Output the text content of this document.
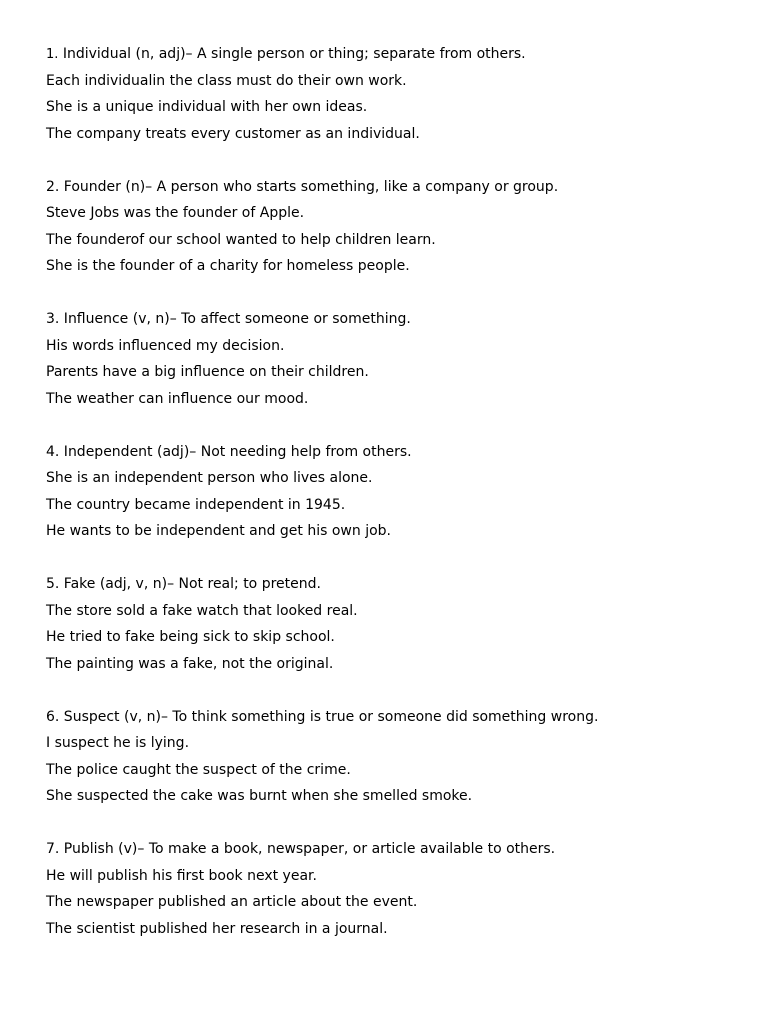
1. Individual (n, adj)– A single person or thing; separate from others.
Each individualin the class must do their own work.
She is a unique individual with her own ideas.
The company treats every customer as an individual.
2. Founder (n)– A person who starts something, like a company or group.
Steve Jobs was the founder of Apple.
The founderof our school wanted to help children learn.
She is the founder of a charity for homeless people.
3. Influence (v, n)– To affect someone or something.
His words influenced my decision.
Parents have a big influence on their children.
The weather can influence our mood.
4. Independent (adj)– Not needing help from others.
She is an independent person who lives alone.
The country became independent in 1945.
He wants to be independent and get his own job.
5. Fake (adj, v, n)– Not real; to pretend.
The store sold a fake watch that looked real.
He tried to fake being sick to skip school.
The painting was a fake, not the original.
6. Suspect (v, n)– To think something is true or someone did something wrong.
I suspect he is lying.
The police caught the suspect of the crime.
She suspected the cake was burnt when she smelled smoke.
7. Publish (v)– To make a book, newspaper, or article available to others.
He will publish his first book next year.
The newspaper published an article about the event.
The scientist published her research in a journal.
